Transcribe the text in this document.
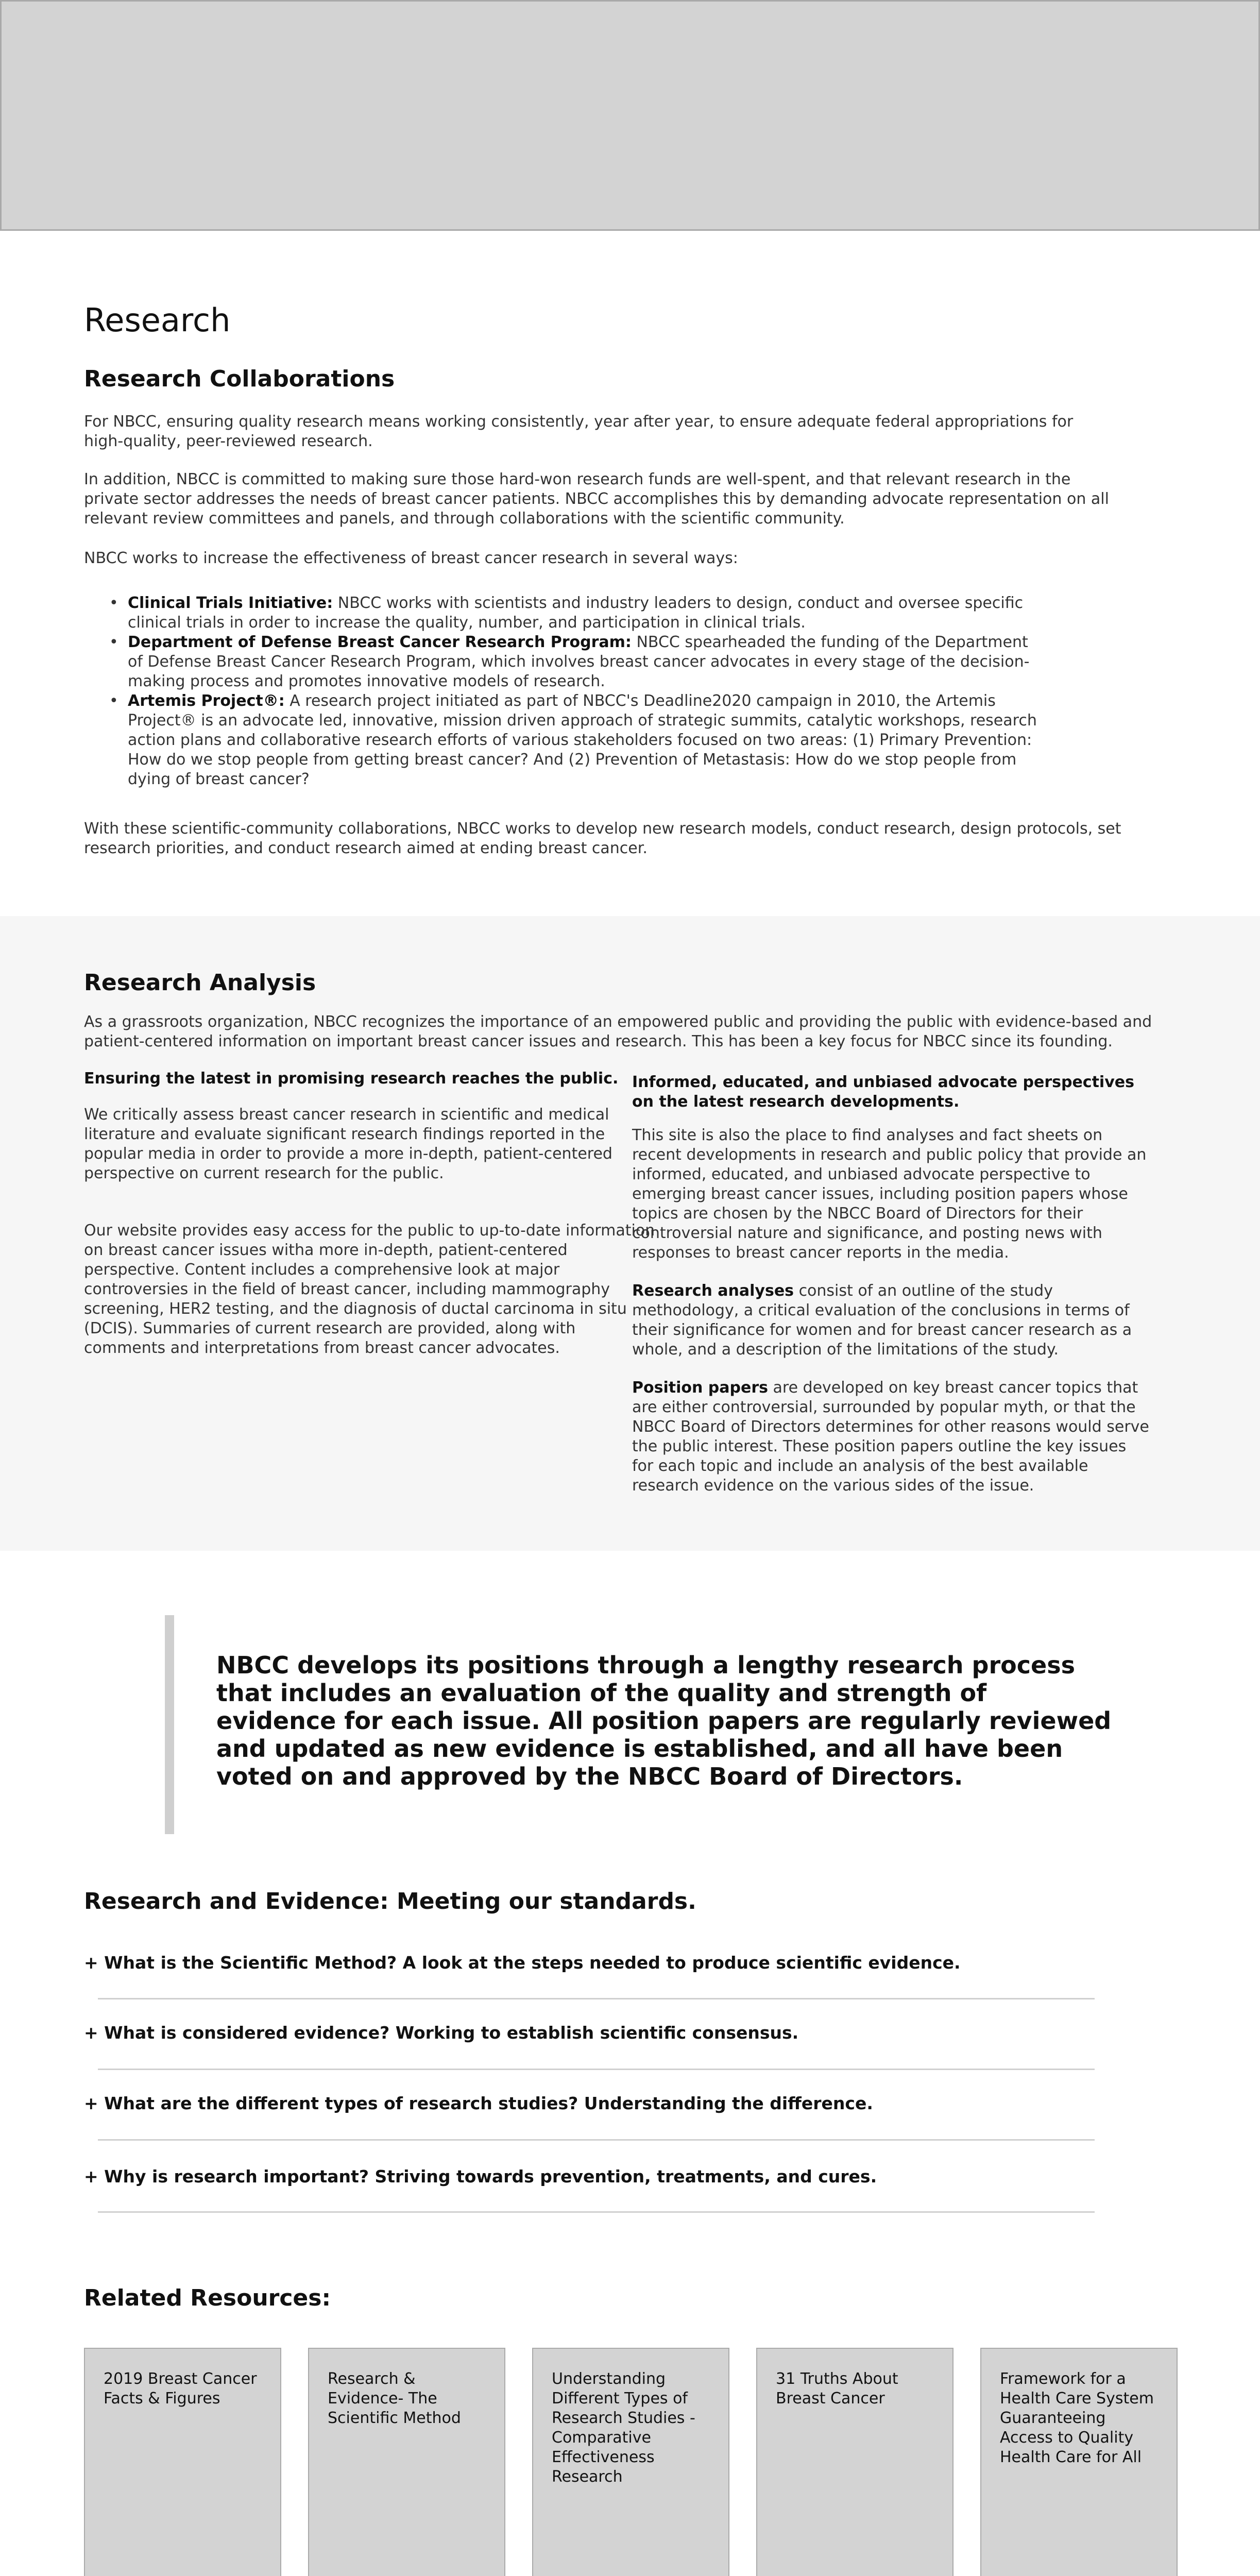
Research
Research Collaborations

For NBCC, ensuring quality research means working consistently, year after year, to ensure adequate federal appropriations for high-quality, peer-reviewed research.

In addition, NBCC is committed to making sure those hard-won research funds are well-spent, and that relevant research in the private sector addresses the needs of breast cancer patients. NBCC accomplishes this by demanding advocate representation on all relevant review committees and panels, and through collaborations with the scientific community.

NBCC works to increase the effectiveness of breast cancer research in several ways:

• Clinical Trials Initiative: NBCC works with scientists and industry leaders to design, conduct and oversee specific clinical trials in order to increase the quality, number, and participation in clinical trials.
• Department of Defense Breast Cancer Research Program: NBCC spearheaded the funding of the Department of Defense Breast Cancer Research Program, which involves breast cancer advocates in every stage of the decision-making process and promotes innovative models of research.
• Artemis Project®: A research project initiated as part of NBCC's Deadline2020 campaign in 2010, the Artemis Project® is an advocate led, innovative, mission driven approach of strategic summits, catalytic workshops, research action plans and collaborative research efforts of various stakeholders focused on two areas: (1) Primary Prevention: How do we stop people from getting breast cancer? And (2) Prevention of Metastasis: How do we stop people from dying of breast cancer?

With these scientific-community collaborations, NBCC works to develop new research models, conduct research, design protocols, set research priorities, and conduct research aimed at ending breast cancer.

Research Analysis

As a grassroots organization, NBCC recognizes the importance of an empowered public and providing the public with evidence-based and patient-centered information on important breast cancer issues and research. This has been a key focus for NBCC since its founding.

Ensuring the latest in promising research reaches the public.

We critically assess breast cancer research in scientific and medical literature and evaluate significant research findings reported in the popular media in order to provide a more in-depth, patient-centered perspective on current research for the public.

Our website provides easy access for the public to up-to-date information on breast cancer issues witha more in-depth, patient-centered perspective. Content includes a comprehensive look at major controversies in the field of breast cancer, including mammography screening, HER2 testing, and the diagnosis of ductal carcinoma in situ (DCIS). Summaries of current research are provided, along with comments and interpretations from breast cancer advocates.

Informed, educated, and unbiased advocate perspectives on the latest research developments.

This site is also the place to find analyses and fact sheets on recent developments in research and public policy that provide an informed, educated, and unbiased advocate perspective to emerging breast cancer issues, including position papers whose topics are chosen by the NBCC Board of Directors for their controversial nature and significance, and posting news with responses to breast cancer reports in the media.

Research analyses consist of an outline of the study methodology, a critical evaluation of the conclusions in terms of their significance for women and for breast cancer research as a whole, and a description of the limitations of the study.

Position papers are developed on key breast cancer topics that are either controversial, surrounded by popular myth, or that the NBCC Board of Directors determines for other reasons would serve the public interest. These position papers outline the key issues for each topic and include an analysis of the best available research evidence on the various sides of the issue.

NBCC develops its positions through a lengthy research process that includes an evaluation of the quality and strength of evidence for each issue. All position papers are regularly reviewed and updated as new evidence is established, and all have been voted on and approved by the NBCC Board of Directors.

Research and Evidence: Meeting our standards.
+ What is the Scientific Method? A look at the steps needed to produce scientific evidence.
+ What is considered evidence? Working to establish scientific consensus.
+ What are the different types of research studies? Understanding the difference.
+ Why is research important? Striving towards prevention, treatments, and cures.
Related Resources:
2019 Breast Cancer Facts & Figures
Research & Evidence- The Scientific Method
Understanding Different Types of Research Studies - Comparative Effectiveness Research
31 Truths About Breast Cancer
Framework for a Health Care System Guaranteeing Access to Quality Health Care for All
